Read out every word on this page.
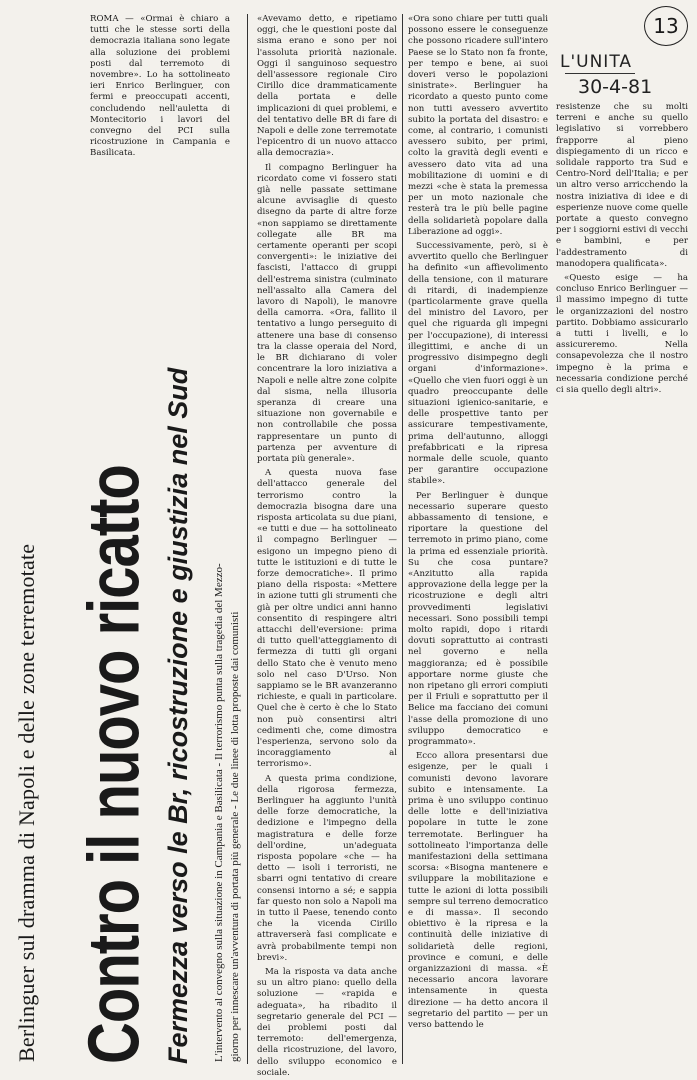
13
L'UNITA
30-4-81
Berlinguer sul dramma di Napoli e delle zone terremotate Contro il nuovo ricatto Fermezza verso le Br, ricostruzione e giustizia nel Sud L'intervento al convegno sulla situazione in Campania e Basilicata - Il terrorismo punta sulla tragedia del Mezzo- giorno per innescare un'avventura di portata più generale - Le due linee di lotta proposte dai comunisti

ROMA — «Ormai è chiaro a tutti che le stesse sorti della democrazia italiana sono legate alla soluzione dei problemi posti dal terremoto di novembre». Lo ha sottolineato ieri Enrico Berlinguer, con fermi e preoccupati accenti, concludendo nell'auletta di Montecitorio i lavori del convegno del PCI sulla ricostruzione in Campania e Basilicata.

«Avevamo detto, e ripetiamo oggi, che le questioni poste dal sisma erano e sono per noi l'assoluta priorità nazionale. Oggi il sanguinoso sequestro dell'assessore regionale Ciro Cirillo dice drammaticamente della portata e delle implicazioni di quei problemi, e del tentativo delle BR di fare di Napoli e delle zone terremotate l'epicentro di un nuovo attacco alla democrazia».

Il compagno Berlinguer ha ricordato come vi fossero stati già nelle passate settimane alcune avvisaglie di questo disegno da parte di altre forze «non sappiamo se direttamente collegate alle BR ma certamente operanti per scopi convergenti»: le iniziative dei fascisti, l'attacco di gruppi dell'estrema sinistra (culminato nell'assalto alla Camera del lavoro di Napoli), le manovre della camorra. «Ora, fallito il tentativo a lungo perseguito di attenere una base di consenso tra la classe operaia del Nord, le BR dichiarano di voler concentrare la loro iniziativa a Napoli e nelle altre zone colpite dal sisma, nella illusoria speranza di creare una situazione non governabile e non controllabile che possa rappresentare un punto di partenza per avventure di portata più generale».

A questa nuova fase dell'attacco generale del terrorismo contro la democrazia bisogna dare una risposta articolata su due piani, «e tutti e due — ha sottolineato il compagno Berlinguer — esigono un impegno pieno di tutte le istituzioni e di tutte le forze democratiche». Il primo piano della risposta: «Mettere in azione tutti gli strumenti che già per oltre undici anni hanno consentito di respingere altri attacchi dell'eversione: prima di tutto quell'atteggiamento di fermezza di tutti gli organi dello Stato che è venuto meno solo nel caso D'Urso. Non sappiamo se le BR avanzeranno richieste, e quali in particolare. Quel che è certo è che lo Stato non può consentirsi altri cedimenti che, come dimostra l'esperienza, servono solo da incoraggiamento al terrorismo».

A questa prima condizione, della rigorosa fermezza, Berlinguer ha aggiunto l'unità delle forze democratiche, la dedizione e l'impegno della magistratura e delle forze dell'ordine, un'adeguata risposta popolare «che — ha detto — isoli i terroristi, ne sbarri ogni tentativo di creare consensi intorno a sé; e sappia far questo non solo a Napoli ma in tutto il Paese, tenendo conto che la vicenda Cirillo attraverserà fasi complicate e avrà probabilmente tempi non brevi».

Ma la risposta va data anche su un altro piano: quello della soluzione — «rapida e adeguata», ha ribadito il segretario generale del PCI — dei problemi posti dal terremoto: dell'emergenza, della ricostruzione, del lavoro, dello sviluppo economico e sociale.

«Ora sono chiare per tutti quali possono essere le conseguenze che possono ricadere sull'intero Paese se lo Stato non fa fronte, per tempo e bene, ai suoi doveri verso le popolazioni sinistrate». Berlinguer ha ricordato a questo punto come non tutti avessero avvertito subito la portata del disastro: e come, al contrario, i comunisti avessero subito, per primi, colto la gravità degli eventi e avessero dato vita ad una mobilitazione di uomini e di mezzi «che è stata la premessa per un moto nazionale che resterà tra le più belle pagine della solidarietà popolare dalla Liberazione ad oggi».

Successivamente, però, si è avvertito quello che Berlinguer ha definito «un affievolimento della tensione, con il maturare di ritardi, di inadempienze (particolarmente grave quella del ministro del Lavoro, per quel che riguarda gli impegni per l'occupazione), di interessi illegittimi, e anche di un progressivo disimpegno degli organi d'informazione». «Quello che vien fuori oggi è un quadro preoccupante delle situazioni igienico-sanitarie, e delle prospettive tanto per assicurare tempestivamente, prima dell'autunno, alloggi prefabbricati e la ripresa normale delle scuole, quanto per garantire occupazione stabile».

Per Berlinguer è dunque necessario superare questo abbassamento di tensione, e riportare la questione del terremoto in primo piano, come la prima ed essenziale priorità. Su che cosa puntare? «Anzitutto alla rapida approvazione della legge per la ricostruzione e degli altri provvedimenti legislativi necessari. Sono possibili tempi molto rapidi, dopo i ritardi dovuti soprattutto ai contrasti nel governo e nella maggioranza; ed è possibile apportare norme giuste che non ripetano gli errori compiuti per il Friuli e soprattutto per il Belice ma facciano dei comuni l'asse della promozione di uno sviluppo democratico e programmato».

Ecco allora presentarsi due esigenze, per le quali i comunisti devono lavorare subito e intensamente. La prima è uno sviluppo continuo delle lotte e dell'iniziativa popolare in tutte le zone terremotate. Berlinguer ha sottolineato l'importanza delle manifestazioni della settimana scorsa: «Bisogna mantenere e sviluppare la mobilitazione e tutte le azioni di lotta possibili sempre sul terreno democratico e di massa». Il secondo obiettivo è la ripresa e la continuità delle iniziative di solidarietà delle regioni, province e comuni, e delle organizzazioni di massa. «È necessario ancora lavorare intensamente in questa direzione — ha detto ancora il segretario del partito — per un verso battendo le

resistenze che su molti terreni e anche su quello legislativo si vorrebbero frapporre al pieno dispiegamento di un ricco e solidale rapporto tra Sud e Centro-Nord dell'Italia; e per un altro verso arricchendo la nostra iniziativa di idee e di esperienze nuove come quelle portate a questo convegno per i soggiorni estivi di vecchi e bambini, e per l'addestramento di manodopera qualificata».

«Questo esige — ha concluso Enrico Berlinguer — il massimo impegno di tutte le organizzazioni del nostro partito. Dobbiamo assicurarlo a tutti i livelli, e lo assicureremo. Nella consapevolezza che il nostro impegno è la prima e necessaria condizione perché ci sia quello degli altri».
